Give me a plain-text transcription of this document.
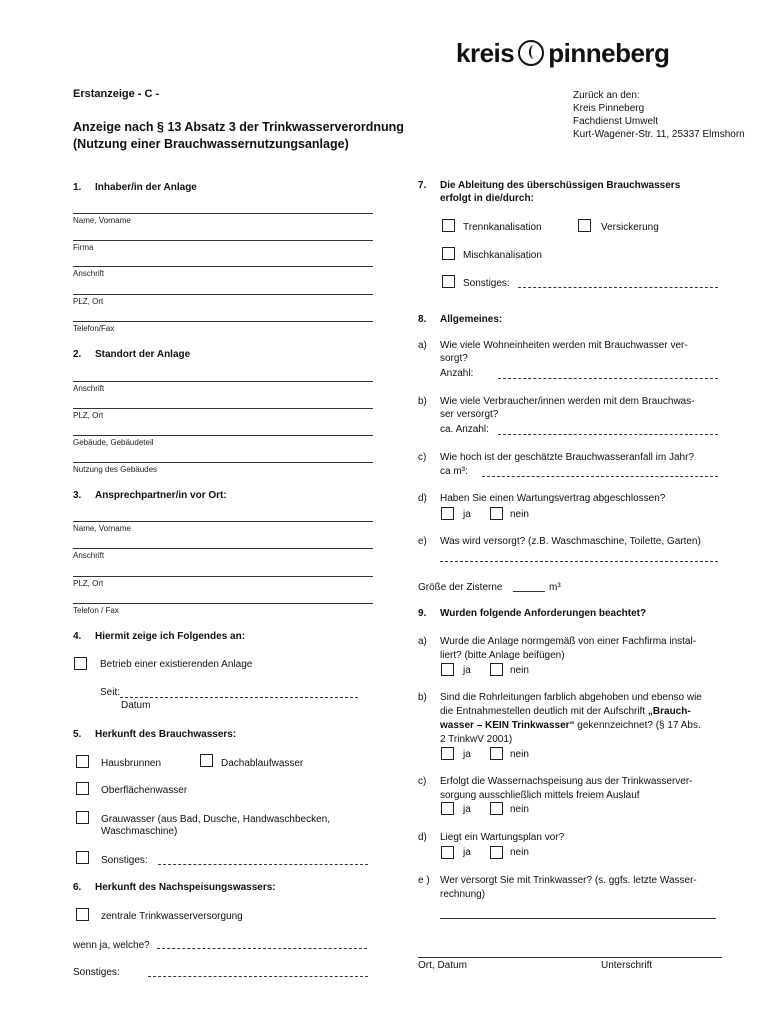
kreis pinneberg
Erstanzeige - C -
Anzeige nach § 13 Absatz 3 der Trinkwasserverordnung
(Nutzung einer Brauchwassernutzungsanlage)
Zurück an den:
Kreis Pinneberg
Fachdienst Umwelt
Kurt-Wagener-Str. 11, 25337 Elmshorn
1. Inhaber/in der Anlage
Name, Vorname
Firma
Anschrift
PLZ, Ort
Telefon/Fax
2. Standort der Anlage
Anschrift
PLZ, Ort
Gebäude, Gebäudeteil
Nutzung des Gebäudes
3. Ansprechpartner/in vor Ort:
Name, Vorname
Anschrift
PLZ, Ort
Telefon / Fax
4. Hiermit zeige ich Folgendes an:
Betrieb einer existierenden Anlage
Seit:
Datum
5. Herkunft des Brauchwassers:
Hausbrunnen	Dachablaufwasser
Oberflächenwasser
Grauwasser (aus Bad, Dusche, Handwaschbecken,
Waschmaschine)
Sonstiges:
6. Herkunft des Nachspeisungswassers:
zentrale Trinkwasserversorgung
wenn ja, welche?
Sonstiges:
7. Die Ableitung des überschüssigen Brauchwassers
erfolgt in die/durch:
Trennkanalisation	Versickerung
Mischkanalisation
Sonstiges:
8. Allgemeines:
a) Wie viele Wohneinheiten werden mit Brauchwasser ver-
sorgt?
Anzahl:
b) Wie viele Verbraucher/innen werden mit dem Brauchwas-
ser versorgt?
ca. Anzahl:
c) Wie hoch ist der geschätzte Brauchwasseranfall im Jahr?
ca m³:
d) Haben Sie einen Wartungsvertrag abgeschlossen?
ja	nein
e) Was wird versorgt? (z.B. Waschmaschine, Toilette, Garten)
Größe der Zisterne	m³
9. Wurden folgende Anforderungen beachtet?
a) Wurde die Anlage normgemäß von einer Fachfirma instal-
liert? (bitte Anlage beifügen)
ja	nein
b) Sind die Rohrleitungen farblich abgehoben und ebenso wie
die Entnahmestellen deutlich mit der Aufschrift „Brauch-
wasser – KEIN Trinkwasser“ gekennzeichnet? (§ 17 Abs.
2 TrinkwV 2001)
ja	nein
c) Erfolgt die Wassernachspeisung aus der Trinkwasserver-
sorgung ausschließlich mittels freiem Auslauf
ja	nein
d) Liegt ein Wartungsplan vor?
ja	nein
e ) Wer versorgt Sie mit Trinkwasser? (s. ggfs. letzte Wasser-
rechnung)
Ort, Datum	Unterschrift
